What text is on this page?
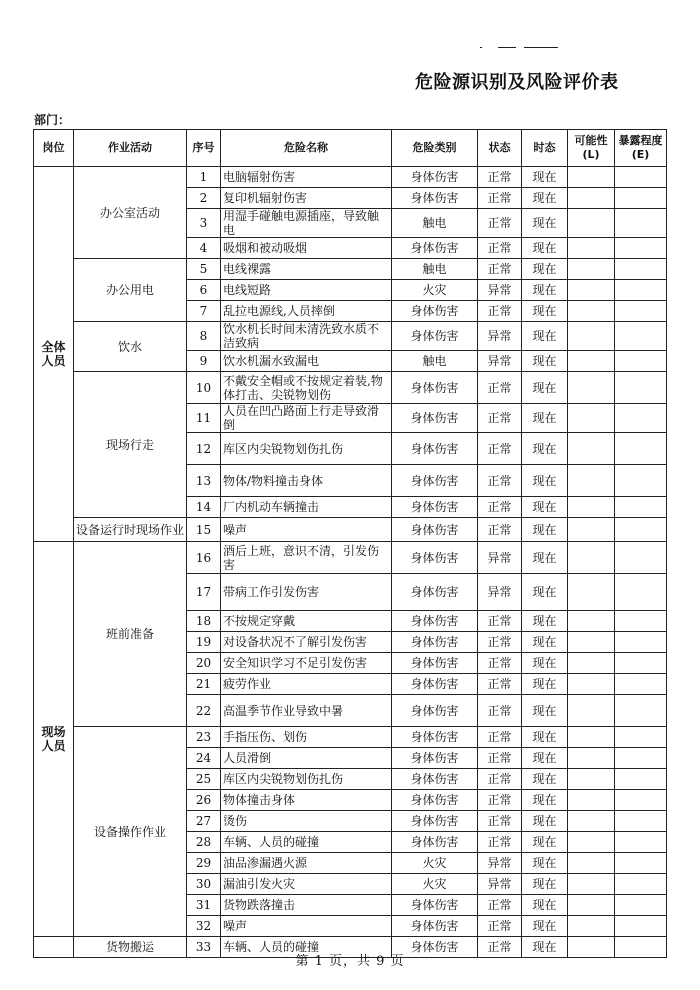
危险源识别及风险评价表
部门：
岗位	作业活动	序号	危险名称	危险类别	状态	时态	可能性(L)	暴露程度(E)
全体人员	办公室活动	1	电脑辐射伤害	身体伤害	正常	现在		
		2	复印机辐射伤害	身体伤害	正常	现在		
		3	用湿手碰触电源插座，导致触电	触电	正常	现在		
		4	吸烟和被动吸烟	身体伤害	正常	现在		
	办公用电	5	电线裸露	触电	正常	现在		
		6	电线短路	火灾	异常	现在		
		7	乱拉电源线,人员摔倒	身体伤害	正常	现在		
	饮水	8	饮水机长时间未清洗致水质不洁致病	身体伤害	异常	现在		
		9	饮水机漏水致漏电	触电	异常	现在		
	现场行走	10	不戴安全帽或不按规定着装,物体打击、尖锐物划伤	身体伤害	正常	现在		
		11	人员在凹凸路面上行走导致滑倒	身体伤害	正常	现在		
		12	库区内尖锐物划伤扎伤	身体伤害	正常	现在		
		13	物体/物料撞击身体	身体伤害	正常	现在		
		14	厂内机动车辆撞击	身体伤害	正常	现在		
	设备运行时现场作业	15	噪声	身体伤害	正常	现在		
现场人员	班前准备	16	酒后上班，意识不清，引发伤害	身体伤害	异常	现在		
		17	带病工作引发伤害	身体伤害	异常	现在		
		18	不按规定穿戴	身体伤害	正常	现在		
		19	对设备状况不了解引发伤害	身体伤害	正常	现在		
		20	安全知识学习不足引发伤害	身体伤害	正常	现在		
		21	疲劳作业	身体伤害	正常	现在		
		22	高温季节作业导致中暑	身体伤害	正常	现在		
	设备操作作业	23	手指压伤、划伤	身体伤害	正常	现在		
		24	人员滑倒	身体伤害	正常	现在		
		25	库区内尖锐物划伤扎伤	身体伤害	正常	现在		
		26	物体撞击身体	身体伤害	正常	现在		
		27	烫伤	身体伤害	正常	现在		
		28	车辆、人员的碰撞	身体伤害	正常	现在		
		29	油品渗漏遇火源	火灾	异常	现在		
		30	漏油引发火灾	火灾	异常	现在		
		31	货物跌落撞击	身体伤害	正常	现在		
		32	噪声	身体伤害	正常	现在		
	货物搬运	33	车辆、人员的碰撞	身体伤害	正常	现在		
第 1 页，共 9 页
